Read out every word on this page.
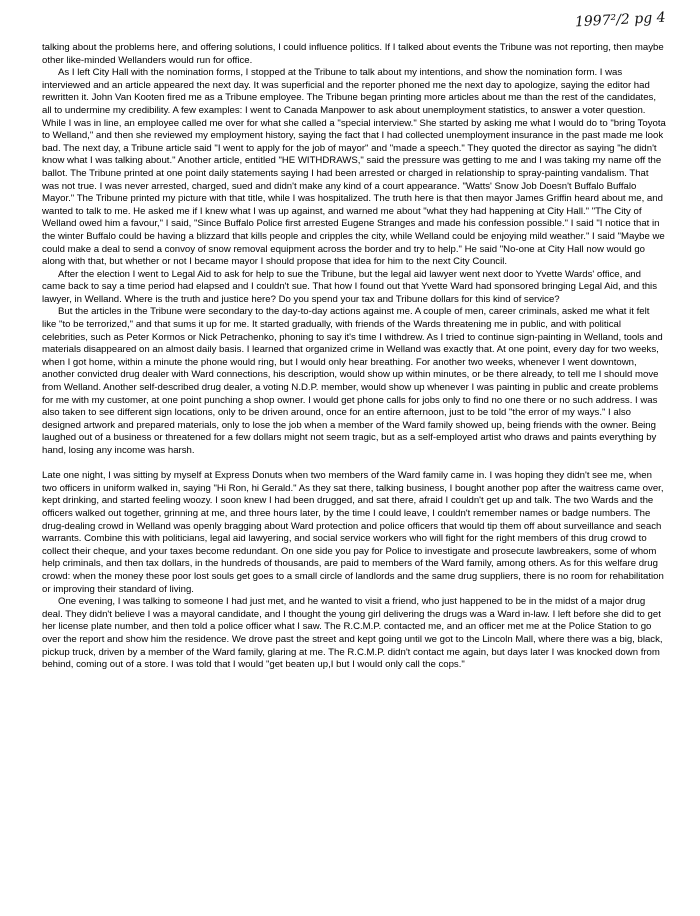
1997²/2 pg 4

talking about the problems here, and offering solutions, I could influence politics. If I talked about events the Tribune was not reporting, then maybe other like-minded Wellanders would run for office.

As I left City Hall with the nomination forms, I stopped at the Tribune to talk about my intentions, and show the nomination form. I was interviewed and an article appeared the next day. It was superficial and the reporter phoned me the next day to apologize, saying the editor had rewritten it. John Van Kooten fired me as a Tribune employee. The Tribune began printing more articles about me than the rest of the candidates, all to undermine my credibility. A few examples: I went to Canada Manpower to ask about unemployment statistics, to answer a voter question. While I was in line, an employee called me over for what she called a "special interview." She started by asking me what I would do to "bring Toyota to Welland," and then she reviewed my employment history, saying the fact that I had collected unemployment insurance in the past made me look bad. The next day, a Tribune article said "I went to apply for the job of mayor" and "made a speech." They quoted the director as saying "he didn't know what I was talking about." Another article, entitled "HE WITHDRAWS," said the pressure was getting to me and I was taking my name off the ballot. The Tribune printed at one point daily statements saying I had been arrested or charged in relationship to spray-painting vandalism. That was not true. I was never arrested, charged, sued and didn't make any kind of a court appearance. "Watts' Snow Job Doesn't Buffalo Buffalo Mayor." The Tribune printed my picture with that title, while I was hospitalized. The truth here is that then mayor James Griffin heard about me, and wanted to talk to me. He asked me if I knew what I was up against, and warned me about "what they had happening at City Hall." "The City of Welland owed him a favour," I said, "Since Buffalo Police first arrested Eugene Stranges and made his confession possible." I said "I notice that in the winter Buffalo could be having a blizzard that kills people and cripples the city, while Welland could be enjoying mild weather." I said "Maybe we could make a deal to send a convoy of snow removal equipment across the border and try to help." He said "No-one at City Hall now would go along with that, but whether or not I became mayor I should propose that idea for him to the next City Council.

After the election I went to Legal Aid to ask for help to sue the Tribune, but the legal aid lawyer went next door to Yvette Wards' office, and came back to say a time period had elapsed and I couldn't sue. That how I found out that Yvette Ward had sponsored bringing Legal Aid, and this lawyer, in Welland. Where is the truth and justice here? Do you spend your tax and Tribune dollars for this kind of service?

But the articles in the Tribune were secondary to the day-to-day actions against me. A couple of men, career criminals, asked me what it felt like "to be terrorized," and that sums it up for me. It started gradually, with friends of the Wards threatening me in public, and with political celebrities, such as Peter Kormos or Nick Petrachenko, phoning to say it's time I withdrew. As I tried to continue sign-painting in Welland, tools and materials disappeared on an almost daily basis. I learned that organized crime in Welland was exactly that. At one point, every day for two weeks, when I got home, within a minute the phone would ring, but I would only hear breathing. For another two weeks, whenever I went downtown, another convicted drug dealer with Ward connections, his description, would show up within minutes, or be there already, to tell me I should move from Welland. Another self-described drug dealer, a voting N.D.P. member, would show up whenever I was painting in public and create problems for me with my customer, at one point punching a shop owner. I would get phone calls for jobs only to find no one there or no such address. I was also taken to see different sign locations, only to be driven around, once for an entire afternoon, just to be told "the error of my ways." I also designed artwork and prepared materials, only to lose the job when a member of the Ward family showed up, being friends with the owner. Being laughed out of a business or threatened for a few dollars might not seem tragic, but as a self-employed artist who draws and paints everything by hand, losing any income was harsh.

Late one night, I was sitting by myself at Express Donuts when two members of the Ward family came in. I was hoping they didn't see me, when two officers in uniform walked in, saying "Hi Ron, hi Gerald." As they sat there, talking business, I bought another pop after the waitress came over, kept drinking, and started feeling woozy. I soon knew I had been drugged, and sat there, afraid I couldn't get up and talk. The two Wards and the officers walked out together, grinning at me, and three hours later, by the time I could leave, I couldn't remember names or badge numbers. The drug-dealing crowd in Welland was openly bragging about Ward protection and police officers that would tip them off about surveillance and seach warrants. Combine this with politicians, legal aid lawyering, and social service workers who will fight for the right members of this drug crowd to collect their cheque, and your taxes become redundant. On one side you pay for Police to investigate and prosecute lawbreakers, some of whom help criminals, and then tax dollars, in the hundreds of thousands, are paid to members of the Ward family, among others. As for this welfare drug crowd: when the money these poor lost souls get goes to a small circle of landlords and the same drug suppliers, there is no room for rehabilitation or improving their standard of living.

One evening, I was talking to someone I had just met, and he wanted to visit a friend, who just happened to be in the midst of a major drug deal. They didn't believe I was a mayoral candidate, and I thought the young girl delivering the drugs was a Ward in-law. I left before she did to get her license plate number, and then told a police officer what I saw. The R.C.M.P. contacted me, and an officer met me at the Police Station to go over the report and show him the residence. We drove past the street and kept going until we got to the Lincoln Mall, where there was a big, black, pickup truck, driven by a member of the Ward family, glaring at me. The R.C.M.P. didn't contact me again, but days later I was knocked down from behind, coming out of a store. I was told that I would "get beaten up,I but I would only call the cops."
